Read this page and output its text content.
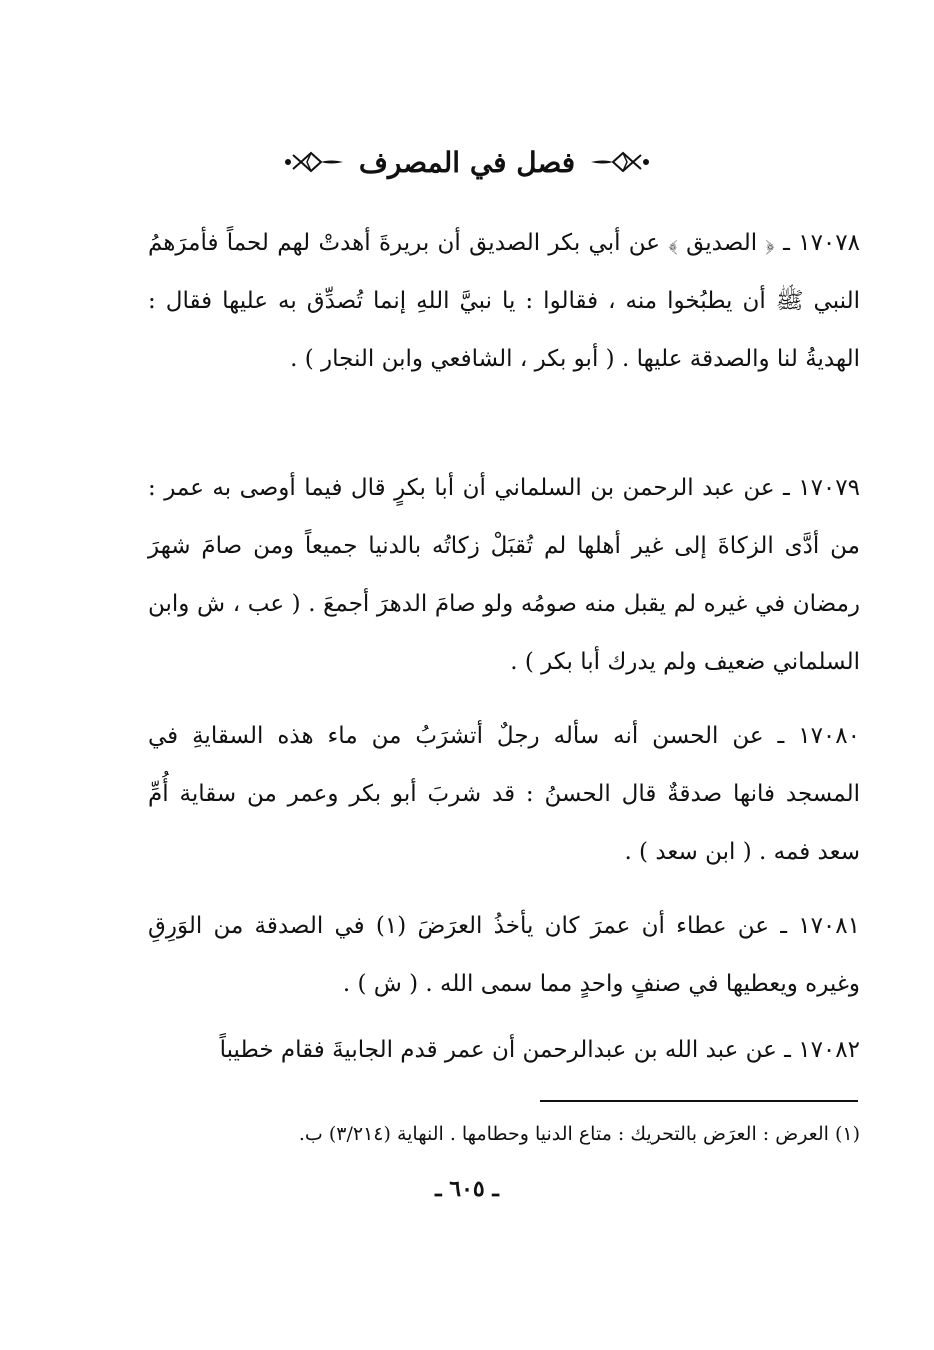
فصل في المصرف

١٧٠٧٨ ـ ﴿ الصديق ﴾ عن أبي بكر الصديق أن بريرةَ أهدتْ لهم لحماً فأمرَهمُ النبي ﷺ أن يطبُخوا منه ، فقالوا : يا نبيَّ اللهِ إنما تُصدِّق به عليها فقال : الهديةُ لنا والصدقة عليها . ( أبو بكر ، الشافعي وابن النجار ) .

١٧٠٧٩ ـ عن عبد الرحمن بن السلماني أن أبا بكرٍ قال فيما أوصى به عمر : من أدَّى الزكاةَ إلى غير أهلها لم تُقبَلْ زكاتُه بالدنيا جميعاً ومن صامَ شهرَ رمضان في غيره لم يقبل منه صومُه ولو صامَ الدهرَ أجمعَ . ( عب ، ش وابن السلماني ضعيف ولم يدرك أبا بكر ) .

١٧٠٨٠ ـ عن الحسن أنه سأله رجلٌ أتشرَبُ من ماء هذه السقايةِ في المسجد فانها صدقةٌ قال الحسنُ : قد شربَ أبو بكر وعمر من سقاية أُمِّ سعد فمه . ( ابن سعد ) .

١٧٠٨١ ـ عن عطاء أن عمرَ كان يأخذُ العرَضَ (١) في الصدقة من الوَرِقِ وغيره ويعطيها في صنفٍ واحدٍ مما سمى الله . ( ش ) .

١٧٠٨٢ ـ عن عبد الله بن عبدالرحمن أن عمر قدم الجابيةَ فقام خطيباً

(١) العرض : العرَض بالتحريك : متاع الدنيا وحطامها . النهاية (٣/٢١٤) ب.
ـ ٦٠٥ ـ
